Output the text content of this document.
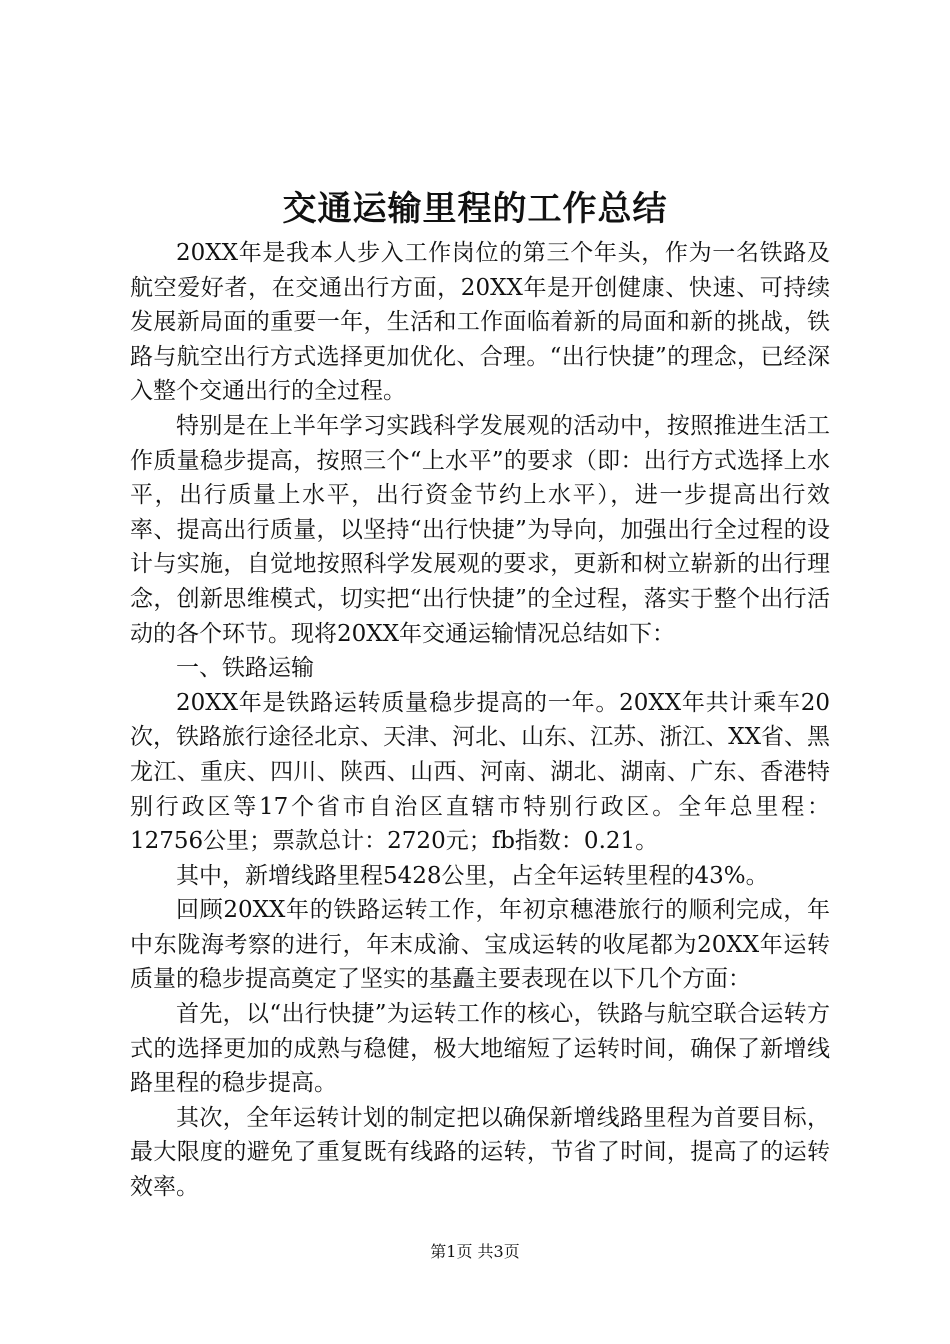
交通运输里程的工作总结

20XX年是我本人步入工作岗位的第三个年头，作为一名铁路及航空爱好者，在交通出行方面，20XX年是开创健康、快速、可持续发展新局面的重要一年，生活和工作面临着新的局面和新的挑战，铁路与航空出行方式选择更加优化、合理。“出行快捷”的理念，已经深入整个交通出行的全过程。

特别是在上半年学习实践科学发展观的活动中，按照推进生活工作质量稳步提高，按照三个“上水平”的要求（即：出行方式选择上水平，出行质量上水平，出行资金节约上水平），进一步提高出行效率、提高出行质量，以坚持“出行快捷”为导向，加强出行全过程的设计与实施，自觉地按照科学发展观的要求，更新和树立崭新的出行理念，创新思维模式，切实把“出行快捷”的全过程，落实于整个出行活动的各个环节。现将20XX年交通运输情况总结如下：

一、铁路运输

20XX年是铁路运转质量稳步提高的一年。20XX年共计乘车20次，铁路旅行途径北京、天津、河北、山东、江苏、浙江、XX省、黑龙江、重庆、四川、陕西、山西、河南、湖北、湖南、广东、香港特别行政区等17个省市自治区直辖市特别行政区。全年总里程：12756公里；票款总计：2720元；fb指数：0.21。

其中，新增线路里程5428公里，占全年运转里程的43%。

回顾20XX年的铁路运转工作，年初京穗港旅行的顺利完成，年中东陇海考察的进行，年末成渝、宝成运转的收尾都为20XX年运转质量的稳步提高奠定了坚实的基矗主要表现在以下几个方面：

首先，以“出行快捷”为运转工作的核心，铁路与航空联合运转方式的选择更加的成熟与稳健，极大地缩短了运转时间，确保了新增线路里程的稳步提高。

其次，全年运转计划的制定把以确保新增线路里程为首要目标，最大限度的避免了重复既有线路的运转，节省了时间，提高了的运转效率。

第1页 共3页
